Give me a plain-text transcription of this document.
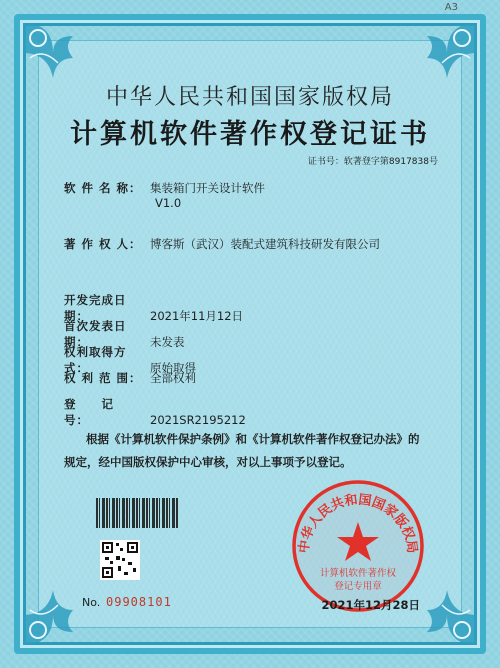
A3
中华人民共和国国家版权局
计算机软件著作权登记证书
证书号：软著登字第8917838号
软 件 名 称： 集装箱门开关设计软件
V1.0
著 作 权 人： 博客斯（武汉）装配式建筑科技研发有限公司
开发完成日期：	2021年11月12日
首次发表日期：	未发表
权利取得方式：	原始取得
权 利 范 围： 全部权利
登　　记　号：	2021SR2195212
根据《计算机软件保护条例》和《计算机软件著作权登记办法》的
规定，经中国版权保护中心审核，对以上事项予以登记。
No. 09908101
中华人民共和国国家版权局
计算机软件著作权
登记专用章
2021年12月28日
